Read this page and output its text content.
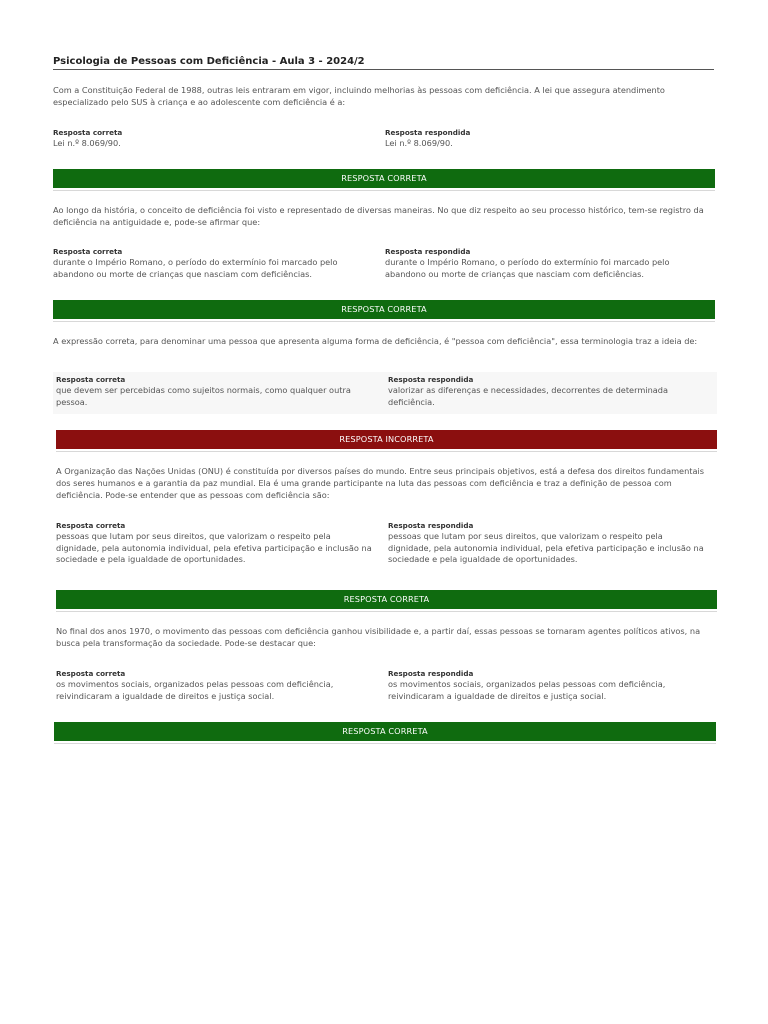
Psicologia de Pessoas com Deficiência - Aula 3 - 2024/2
Com a Constituição Federal de 1988, outras leis entraram em vigor, incluindo melhorias às pessoas com deficiência. A lei que assegura atendimento especializado pelo SUS à criança e ao adolescente com deficiência é a:
Resposta correta
Lei n.º 8.069/90.
Resposta respondida
Lei n.º 8.069/90.
RESPOSTA CORRETA
Ao longo da história, o conceito de deficiência foi visto e representado de diversas maneiras. No que diz respeito ao seu processo histórico, tem-se registro da deficiência na antiguidade e, pode-se afirmar que:
Resposta correta
durante o Império Romano, o período do extermínio foi marcado pelo abandono ou morte de crianças que nasciam com deficiências.
Resposta respondida
durante o Império Romano, o período do extermínio foi marcado pelo abandono ou morte de crianças que nasciam com deficiências.
RESPOSTA CORRETA
A expressão correta, para denominar uma pessoa que apresenta alguma forma de deficiência, é "pessoa com deficiência", essa terminologia traz a ideia de:
Resposta correta
que devem ser percebidas como sujeitos normais, como qualquer outra pessoa.
Resposta respondida
valorizar as diferenças e necessidades, decorrentes de determinada deficiência.
RESPOSTA INCORRETA
A Organização das Nações Unidas (ONU) é constituída por diversos países do mundo. Entre seus principais objetivos, está a defesa dos direitos fundamentais dos seres humanos e a garantia da paz mundial. Ela é uma grande participante na luta das pessoas com deficiência e traz a definição de pessoa com deficiência. Pode-se entender que as pessoas com deficiência são:
Resposta correta
pessoas que lutam por seus direitos, que valorizam o respeito pela dignidade, pela autonomia individual, pela efetiva participação e inclusão na sociedade e pela igualdade de oportunidades.
Resposta respondida
pessoas que lutam por seus direitos, que valorizam o respeito pela dignidade, pela autonomia individual, pela efetiva participação e inclusão na sociedade e pela igualdade de oportunidades.
RESPOSTA CORRETA
No final dos anos 1970, o movimento das pessoas com deficiência ganhou visibilidade e, a partir daí, essas pessoas se tornaram agentes políticos ativos, na busca pela transformação da sociedade. Pode-se destacar que:
Resposta correta
os movimentos sociais, organizados pelas pessoas com deficiência, reivindicaram a igualdade de direitos e justiça social.
Resposta respondida
os movimentos sociais, organizados pelas pessoas com deficiência, reivindicaram a igualdade de direitos e justiça social.
RESPOSTA CORRETA
